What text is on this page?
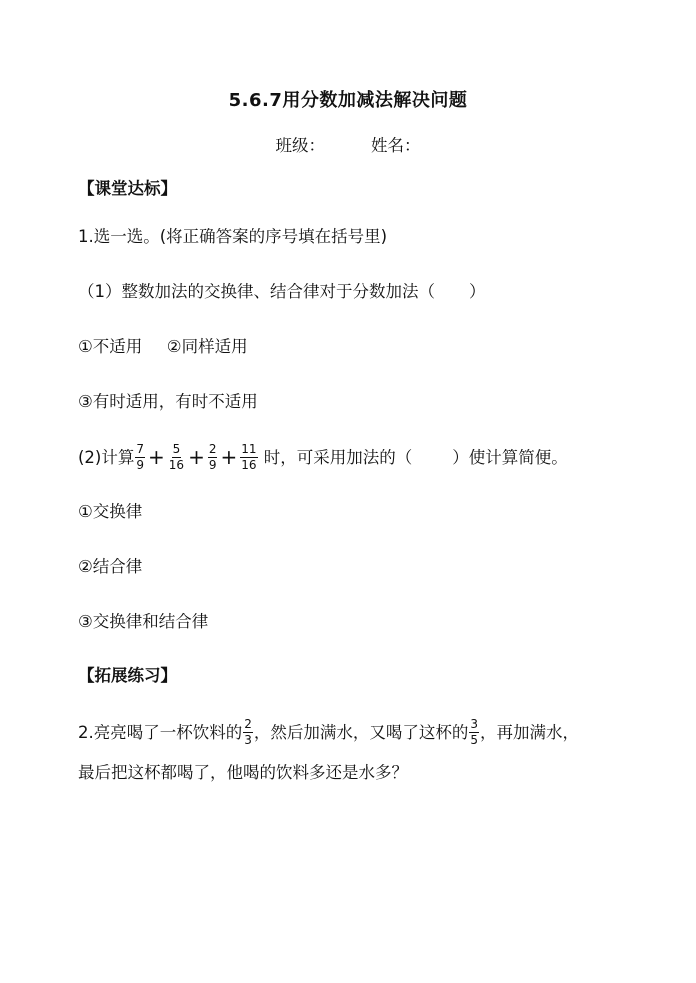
5.6.7用分数加减法解决问题
班级：	姓名：
【课堂达标】
1.选一选。(将正确答案的序号填在括号里)
（1）整数加法的交换律、结合律对于分数加法（ ）
①不适用 ②同样适用
③有时适用，有时不适用
(2)计算 $\frac{7}{9} + \frac{5}{16} + \frac{2}{9} + \frac{11}{16}$ 时，可采用加法的（ ）使计算简便。
①交换律
②结合律
③交换律和结合律
【拓展练习】
2.亮亮喝了一杯饮料的 $\frac{2}{3}$ ，然后加满水，又喝了这杯的 $\frac{3}{5}$ ，再加满水，
最后把这杯都喝了，他喝的饮料多还是水多？
